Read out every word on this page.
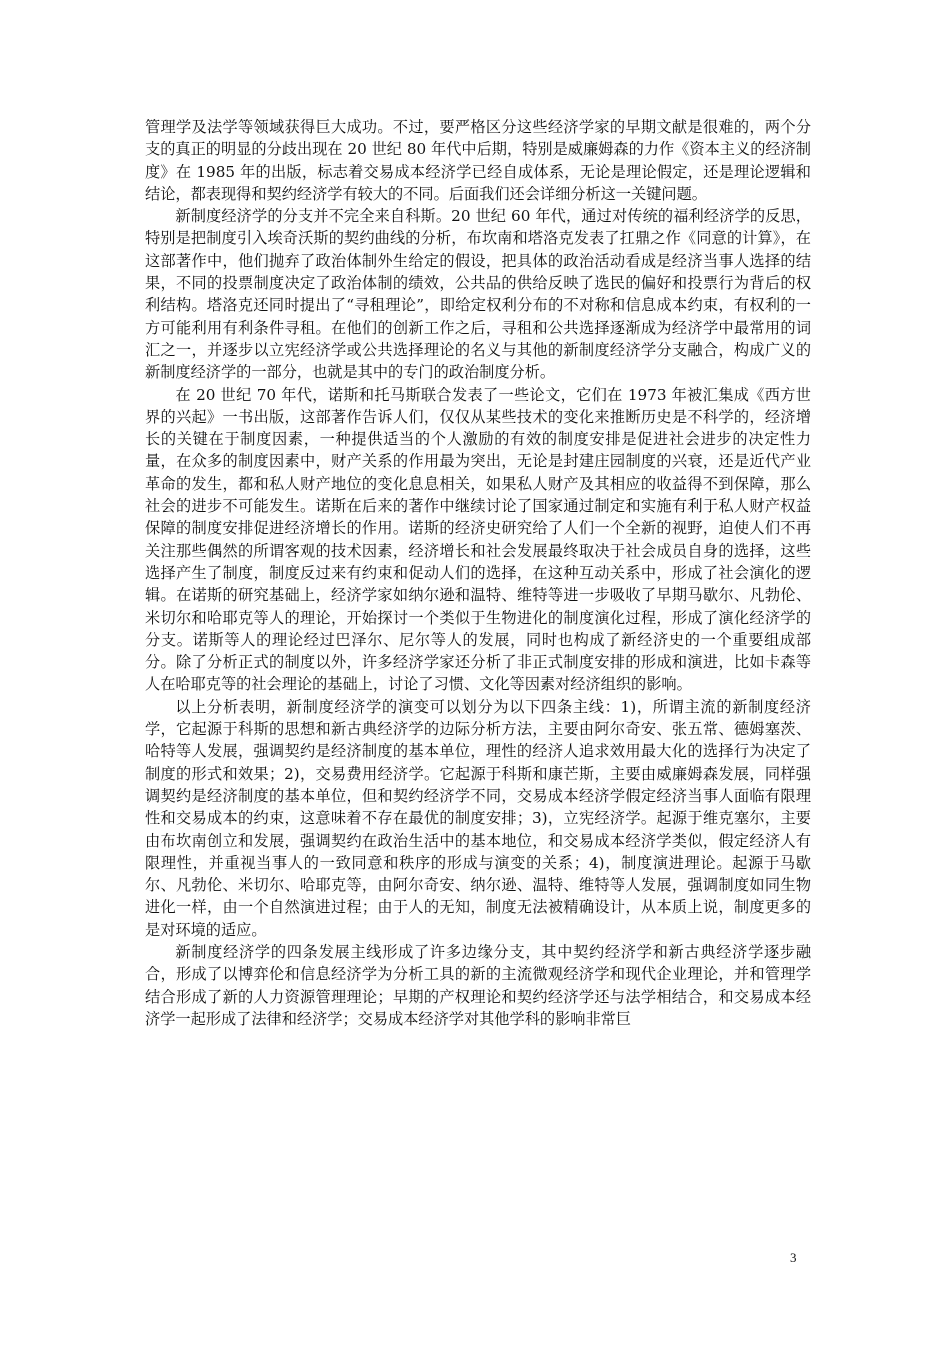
管理学及法学等领域获得巨大成功。不过，要严格区分这些经济学家的早期文献是很难的，两个分支的真正的明显的分歧出现在 20 世纪 80 年代中后期，特别是威廉姆森的力作《资本主义的经济制度》在 1985 年的出版，标志着交易成本经济学已经自成体系，无论是理论假定，还是理论逻辑和结论，都表现得和契约经济学有较大的不同。后面我们还会详细分析这一关键问题。

新制度经济学的分支并不完全来自科斯。20 世纪 60 年代，通过对传统的福利经济学的反思，特别是把制度引入埃奇沃斯的契约曲线的分析，布坎南和塔洛克发表了扛鼎之作《同意的计算》，在这部著作中，他们抛弃了政治体制外生给定的假设，把具体的政治活动看成是经济当事人选择的结果，不同的投票制度决定了政治体制的绩效，公共品的供给反映了选民的偏好和投票行为背后的权利结构。塔洛克还同时提出了“寻租理论”，即给定权利分布的不对称和信息成本约束，有权利的一方可能利用有利条件寻租。在他们的创新工作之后，寻租和公共选择逐渐成为经济学中最常用的词汇之一，并逐步以立宪经济学或公共选择理论的名义与其他的新制度经济学分支融合，构成广义的新制度经济学的一部分，也就是其中的专门的政治制度分析。

在 20 世纪 70 年代，诺斯和托马斯联合发表了一些论文，它们在 1973 年被汇集成《西方世界的兴起》一书出版，这部著作告诉人们，仅仅从某些技术的变化来推断历史是不科学的，经济增长的关键在于制度因素，一种提供适当的个人激励的有效的制度安排是促进社会进步的决定性力量，在众多的制度因素中，财产关系的作用最为突出，无论是封建庄园制度的兴衰，还是近代产业革命的发生，都和私人财产地位的变化息息相关，如果私人财产及其相应的收益得不到保障，那么社会的进步不可能发生。诺斯在后来的著作中继续讨论了国家通过制定和实施有利于私人财产权益保障的制度安排促进经济增长的作用。诺斯的经济史研究给了人们一个全新的视野，迫使人们不再关注那些偶然的所谓客观的技术因素，经济增长和社会发展最终取决于社会成员自身的选择，这些选择产生了制度，制度反过来有约束和促动人们的选择，在这种互动关系中，形成了社会演化的逻辑。在诺斯的研究基础上，经济学家如纳尔逊和温特、维特等进一步吸收了早期马歇尔、凡勃伦、米切尔和哈耶克等人的理论，开始探讨一个类似于生物进化的制度演化过程，形成了演化经济学的分支。诺斯等人的理论经过巴泽尔、尼尔等人的发展，同时也构成了新经济史的一个重要组成部分。除了分析正式的制度以外，许多经济学家还分析了非正式制度安排的形成和演进，比如卡森等人在哈耶克等的社会理论的基础上，讨论了习惯、文化等因素对经济组织的影响。

以上分析表明，新制度经济学的演变可以划分为以下四条主线：1)，所谓主流的新制度经济学，它起源于科斯的思想和新古典经济学的边际分析方法，主要由阿尔奇安、张五常、德姆塞茨、哈特等人发展，强调契约是经济制度的基本单位，理性的经济人追求效用最大化的选择行为决定了制度的形式和效果；2)，交易费用经济学。它起源于科斯和康芒斯，主要由威廉姆森发展，同样强调契约是经济制度的基本单位，但和契约经济学不同，交易成本经济学假定经济当事人面临有限理性和交易成本的约束，这意味着不存在最优的制度安排；3)，立宪经济学。起源于维克塞尔，主要由布坎南创立和发展，强调契约在政治生活中的基本地位，和交易成本经济学类似，假定经济人有限理性，并重视当事人的一致同意和秩序的形成与演变的关系；4)，制度演进理论。起源于马歇尔、凡勃伦、米切尔、哈耶克等，由阿尔奇安、纳尔逊、温特、维特等人发展，强调制度如同生物进化一样，由一个自然演进过程；由于人的无知，制度无法被精确设计，从本质上说，制度更多的是对环境的适应。

新制度经济学的四条发展主线形成了许多边缘分支，其中契约经济学和新古典经济学逐步融合，形成了以博弈伦和信息经济学为分析工具的新的主流微观经济学和现代企业理论，并和管理学结合形成了新的人力资源管理理论；早期的产权理论和契约经济学还与法学相结合，和交易成本经济学一起形成了法律和经济学；交易成本经济学对其他学科的影响非常巨

3
